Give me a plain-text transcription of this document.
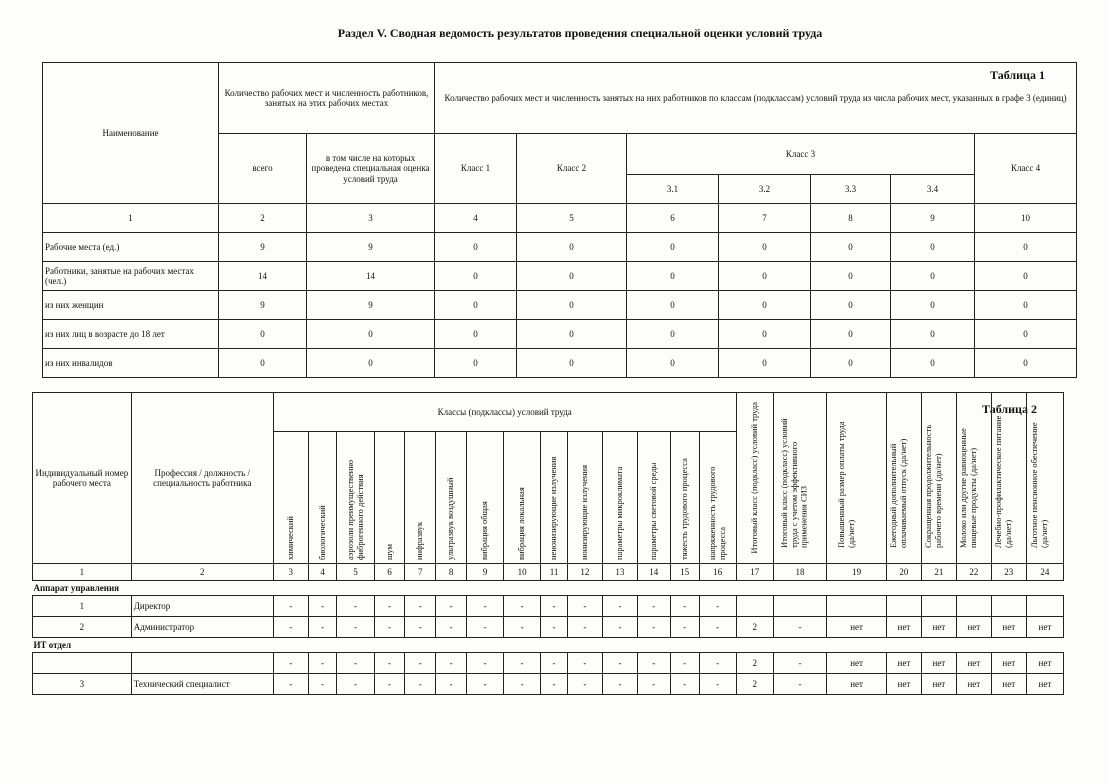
Раздел V. Сводная ведомость результатов проведения специальной оценки условий труда
Таблица 1
Наименование	Количество рабочих мест и численность работников, занятых на этих рабочих местах		Количество рабочих мест и численность занятых на них работников по классам (подклассам) условий труда из числа рабочих мест, указанных в графе 3 (единиц)						
	всего	в том числе на которых проведена специальная оценка условий труда	Класс 1	Класс 2	Класс 3				Класс 4
					3.1	3.2	3.3	3.4	
1	2	3	4	5	6	7	8	9	10
Рабочие места (ед.)	9	9	0	0	0	0	0	0	0
Работники, занятые на рабочих местах (чел.)	14	14	0	0	0	0	0	0	0
из них женщин	9	9	0	0	0	0	0	0	0
из них лиц в возрасте до 18 лет	0	0	0	0	0	0	0	0	0
из них инвалидов	0	0	0	0	0	0	0	0	0
Таблица 2
Индивидуальный номер рабочего места	Профессия / должность / специальность работника	Классы (подклассы) условий труда														Итоговый класс (подкласс) условий труда	Итоговый класс (подкласс) условий труда с учетом эффективного применения СИЗ	Повышенный размер оплаты труда (да/нет)	Ежегодный дополнительный оплачиваемый отпуск (да/нет)	Сокращенная продолжительность рабочего времени (да/нет)	Молоко или другие равноценные пищевые продукты (да/нет)	Лечебно-профилактическое питание (да/нет)	Льготное пенсионное обеспечение (да/нет)

		химический	биологический	аэрозоли преимущественно фиброгенного действия	шум	инфразвук	ультразвук воздушный	вибрация общая	вибрация локальная	неионизирующие излучения	ионизирующие излучения	параметры микроклимата	параметры световой среды	тяжесть трудового процесса	напряженность трудового процесса								

1	2	3	4	5	6	7	8	9	10	11	12	13	14	15	16	17	18	19	20	21	22	23	24
Аппарат управления																							
1	Директор	-	-	-	-	-	-	-	-	-	-	-	-	-	-								
2	Администратор	-	-	-	-	-	-	-	-	-	-	-	-	-	-	2	-	нет	нет	нет	нет	нет	нет
ИТ отдел																							
		-	-	-	-	-	-	-	-	-	-	-	-	-	-	2	-	нет	нет	нет	нет	нет	нет
3	Технический специалист	-	-	-	-	-	-	-	-	-	-	-	-	-	-	2	-	нет	нет	нет	нет	нет	нет
